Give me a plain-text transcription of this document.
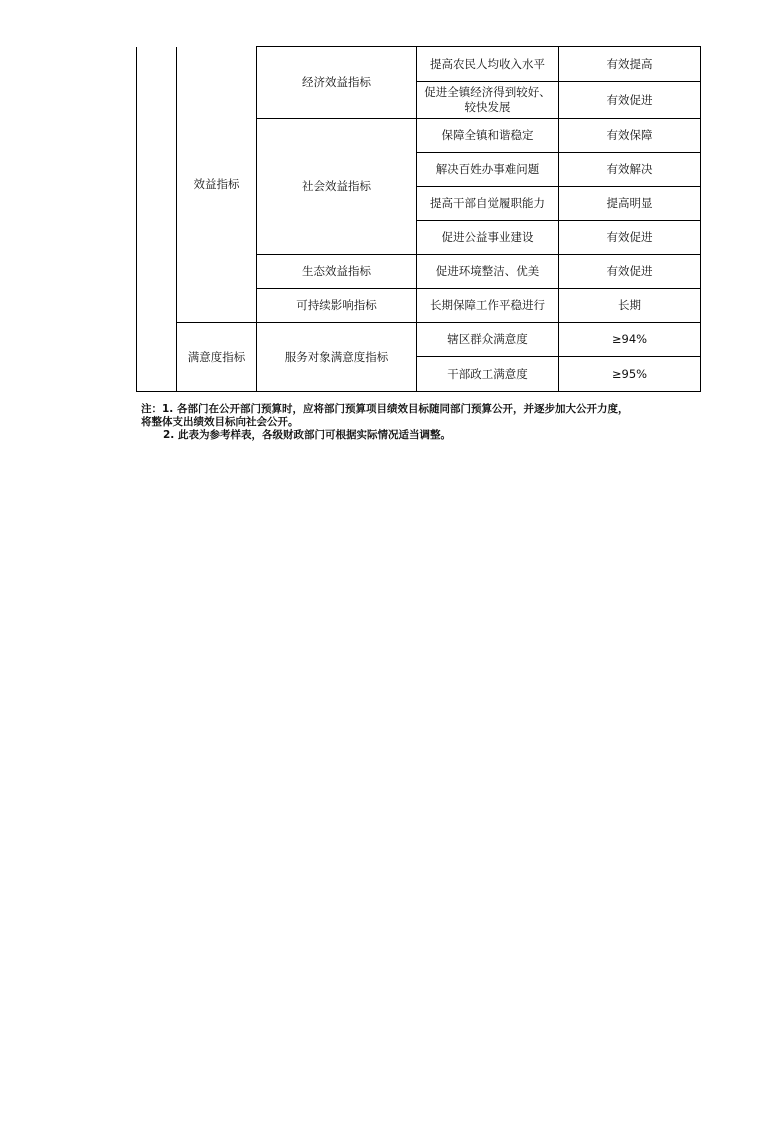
	效益指标	经济效益指标	提高农民人均收入水平	有效提高
			促进全镇经济得到较好、较快发展	有效促进
		社会效益指标	保障全镇和谐稳定	有效保障
			解决百姓办事难问题	有效解决
			提高干部自觉履职能力	提高明显
			促进公益事业建设	有效促进
		生态效益指标	促进环境整洁、优美	有效促进
		可持续影响指标	长期保障工作平稳进行	长期
	满意度指标	服务对象满意度指标	辖区群众满意度	≥94%
			干部政工满意度	≥95%

注：1. 各部门在公开部门预算时，应将部门预算项目绩效目标随同部门预算公开，并逐步加大公开力度，

将整体支出绩效目标向社会公开。

2. 此表为参考样表，各级财政部门可根据实际情况适当调整。
